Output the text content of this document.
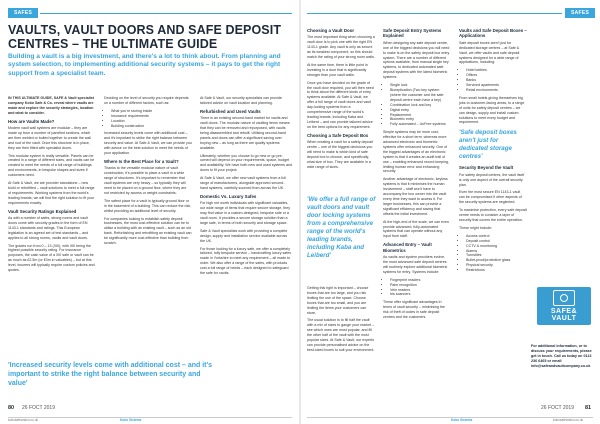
SAFES
VAULTS, VAULT DOORS AND SAFE DEPOSIT CENTRES – THE ULTIMATE GUIDE
Building a vault is a big investment, and there's a lot to think about. From planning and system selection, to implementing additional security systems – it pays to get the right support from a specialist team.

IN THIS ULTIMATE GUIDE, SAFE & Vault specialist company Kobo Safe & Co. reveal where vaults are made and explore the security strategies, location and what to consider.

How are Vaults Made?

Modern vault wall systems are modular – they are made up from a number of panelled sections, which are then welded or bolted together to create the wall and roof of the vault. Once this structure is in place, they are then fitted with specialist doors.

This modular system is really versatile. Panels can be created in a range of different sizes, and vaults can be created to meet the needs of a full range of buildings and environments, in bespoke shapes and sizes if customers need.

At Safe & Vault, we are provider standalone – new build or retrofitted – vault solutions to meet a full range of requirements. Working systems from the world's leading brands, we will find the right solution to fit your requirements exactly.

Vault Security Ratings Explained

As with a number of safes, strong rooms and vault doors come with security grades in the form of EN 1143-1 standards and ratings. This European legislation is an agreed set of test standards – and applies to all strong rooms, vaults and vault doors.

The grades run from 0 – 13 (XIII), with XIII being the highest possible security rating. For insurance purposes, the cash value of a XIII safe or vault can be as much as £2.5m (or €3m in valuables) – but at this level, insurers will typically require custom policies and quotes.

Deciding on the level of security you require depends on a number of different factors, such as:

• What you're storing inside
• Insurance requirements
• Location
• Building construction

Increased security levels come with additional cost – and it's important to strike the right balance between security and value. At Safe & Vault, we can provide you with advice on the best solution to meet the needs of your application.

Where Is the Best Place for a Vault?

Thanks to the versatile modular nature of vault construction, it's possible to place a vault in a wide range of structures. It's important to remember that vault systems are very heavy – so typically they will need to be placed on a ground floor, where they are not restricted by access or weight constraints.

The safest place for a vault is typically ground floor or in the basement of a building. This can reduce the risk, whilst providing an additional level of security.

For companies looking to establish safety deposit businesses, the most cost-effective solution can be to utilise a building with an existing vault – such as an old bank. Refurbishing and retrofitting an existing vault can be significantly more cost-effective than building from scratch.

At Safe & Vault, our security specialists can provide tailored advice on vault location and planning.

Refurbished and Used Vaults

There is an existing second-hand market for vaults and vault doors. The modular nature of vaulting items means that they can be removed and repurposed, with vaults being disassembled and rebuilt. Utilising second-hand panels and doors can offer a significant saving over buying new – as long as there are quality systems available.

Ultimately, whether you choose to go new or go pre-owned will depend on your requirements, space, budget and availability. We have both new and used systems and doors to fit your project.

At Safe & Vault, we offer new vault systems from a full range of manufacturers, alongside approved second-hand systems, carefully sourced from across the UK.

Domestic Vs. Luxury Safes

For high net worth individuals with significant valuables, our wide range of items that require secure storage, they may find value in a custom-designed, bespoke safe or a vault room. It provides a secure storage solution than a large safe, in terms of both security and storage space.

Safe & Vault specialists work with providing a complete design, supply and installation service available across the UK.

For those looking for a luxury safe, we offer a completely tailored, fully bespoke service – handcrafting luxury safes made in Yorkshire to meet any requirement – all made to order. We also offer a range of the safes, with products cost a full range of needs – each designed to safeguard the safe for vaults.

'Increased security levels come with additional cost – and it's important to strike the right balance between security and value'
80 26 FOCT 2019
kobosafeandco.co.uk	Kobo Sistema
SAFES
Choosing a Vault Door

The most important thing when choosing a vault door is to pick one with the right EN 1143-1 grade. Any vault is only as secure as its weakest component, so this should match the rating of your strong room walls.

At the same time, there is little point in investing in a door that is significantly stronger than your vault walls.

Once you have decided on the grade of the vault door required, you will then need to think about the different kinds of entry systems available. At Safe & Vault, we offer a full range of vault doors and vault day-locking systems from a comprehensive range of the world's leading brands, including Kaba and Leiberd – and can provide tailored advice on the best options for any requirement.

Choosing a Safe Deposit Box

When creating a vault for a safety deposit centre – one of the biggest decisions you will need to make is which kind of safe deposit box to choose, and specifically, what size of box. They are available in a wide range of sizes.

'We offer a full range of vault doors and vault door locking systems from a comprehensive range of the world's leading brands, including Kaba and Leiberd'

Getting this right is important – choose boxes that are too large, and you risk limiting the use of the space. Choose boxes that are too small, and you are limiting the items your customers can store.

The usual solution is to fill half the vault with a mix of sizes to gauge your market – see which ones are most popular, and fill the other half of the vault with the most popular sizes. At Safe & Vault, our experts can provide personalised advice on the best-sized boxes to suit your environment.

Safe Deposit Entry Systems Explained

When designing any safe deposit centre, one of the biggest decisions you will need to make is on the safety deposit box entry system. There are a number of different options available, from manual single key systems, to dedicated automated safe deposit systems with the latest biometric systems:

• Single lock
• Bioreplication (Two key system (where the customer and the safe deposit centre each have a key)
• Combination lock and key
• Digital entry
• Replacement
• Biometric entry
• Fully automated – UnFree systems

Simple systems may be more cost-effective for a short term, whereas more advanced electronic and biometric systems offer enhanced security. One of the biggest advantages of an electronic system is that it creates an audit trail of use – enabling enhanced record keeping, limiting human error and enhancing security.

Another advantage of electronic, keyless systems is that it minimises the human involvement – staff won't have to accompany the box owner into the vault every time they want to access it. For larger businesses, this can provide a significant efficiency and saving that offsets the initial investment.

At the high-end of the scale, we can even provide advanced, fully-automated systems that can operate without any input from staff.

Advanced Entry – Vault Biometrics

As vaults and system providers evolve, the most advanced safe deposit centres will routinely explore additional biometric systems for entry. Systems include:

• Fingerprint readers
• Palm recognition
• Vein readers
• Iris scanners

These offer significant advantages in terms of vault security – minimising the risk of theft of codes in safe deposit centres and the customers.

Vaults and Safe Deposit Boxes – Applications

Safe deposit boxes aren't just for dedicated storage centres – at Safe & Vault, we offer vaults and safe deposit systems designed for a wide range of applications, including:

• Hotel lobbies
• Offices
• Banks
• Serviced apartments
• Retail environments

From small hotels giving themselves big jobs to customer-facing areas, to a range of units for safety deposit centres – we can design, supply and install custom solutions to meet every budget and requirement.

'Safe deposit boxes aren't just for dedicated storage centres'
Security Beyond the Vault

For safety deposit centres, the vault itself is only one aspect of the overall security plan.

Even the most secure EN 1143-1 vault can be compromised if other aspects of the security systems are neglected.

To maximise protection, every safe deposit centre needs to consider a layer of security that covers the entire operation.

These might include:

• Access control
• Deposit control
• CCTV & monitoring
• Alarms
• Turnstiles
• Bullet-proof/protective glass
• Physical security
• Restrictions
SAFE&
VAULT
For additional information, or to discuss your requirements, please get in touch. Call us today on 0113 236 6465 or email info@safeandvaultcompany.co.uk
26 FOCT 2019 81
Kobo Sistema	kobosafeandco.co.uk
